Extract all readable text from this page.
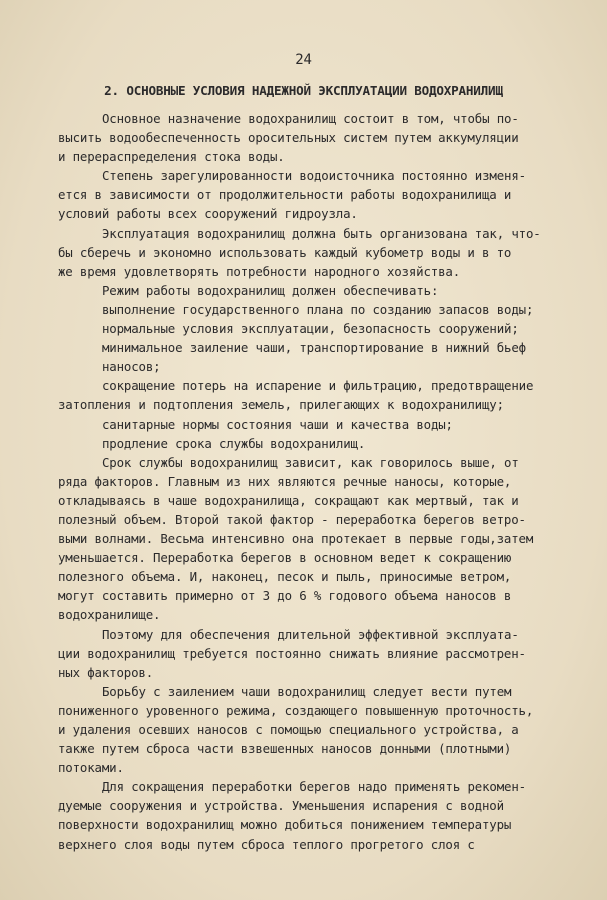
24
2. ОСНОВНЫЕ УСЛОВИЯ НАДЕЖНОЙ ЭКСПЛУАТАЦИИ ВОДОХРАНИЛИЩ
Основное назначение водохранилищ состоит в том, чтобы по-
высить водообеспеченность оросительных систем путем аккумуляции
и перераспределения стока воды.
Степень зарегулированности водоисточника постоянно изменя-
ется в зависимости от продолжительности работы водохранилища и
условий работы всех сооружений гидроузла.
Эксплуатация водохранилищ должна быть организована так, что-
бы сберечь и экономно использовать каждый кубометр воды и в то
же время удовлетворять потребности народного хозяйства.
Режим работы водохранилищ должен обеспечивать:
выполнение государственного плана по созданию запасов воды;
нормальные условия эксплуатации, безопасность сооружений;
минимальное заиление чаши, транспортирование в нижний бьеф
наносов;
сокращение потерь на испарение и фильтрацию, предотвращение
затопления и подтопления земель, прилегающих к водохранилищу;
санитарные нормы состояния чаши и качества воды;
продление срока службы водохранилищ.
Срок службы водохранилищ зависит, как говорилось выше, от
ряда факторов. Главным из них являются речные наносы, которые,
откладываясь в чаше водохранилища, сокращают как мертвый, так и
полезный объем. Второй такой фактор - переработка берегов ветро-
выми волнами. Весьма интенсивно она протекает в первые годы,затем
уменьшается. Переработка берегов в основном ведет к сокращению
полезного объема. И, наконец, песок и пыль, приносимые ветром,
могут составить примерно от 3 до 6 % годового объема наносов в
водохранилище.
Поэтому для обеспечения длительной эффективной эксплуата-
ции водохранилищ требуется постоянно снижать влияние рассмотрен-
ных факторов.
Борьбу с заилением чаши водохранилищ следует вести путем
пониженного уровенного режима, создающего повышенную проточность,
и удаления осевших наносов с помощью специального устройства, а
также путем сброса части взвешенных наносов донными (плотными)
потоками.
Для сокращения переработки берегов надо применять рекомен-
дуемые сооружения и устройства. Уменьшения испарения с водной
поверхности водохранилищ можно добиться понижением температуры
верхнего слоя воды путем сброса теплого прогретого слоя с
